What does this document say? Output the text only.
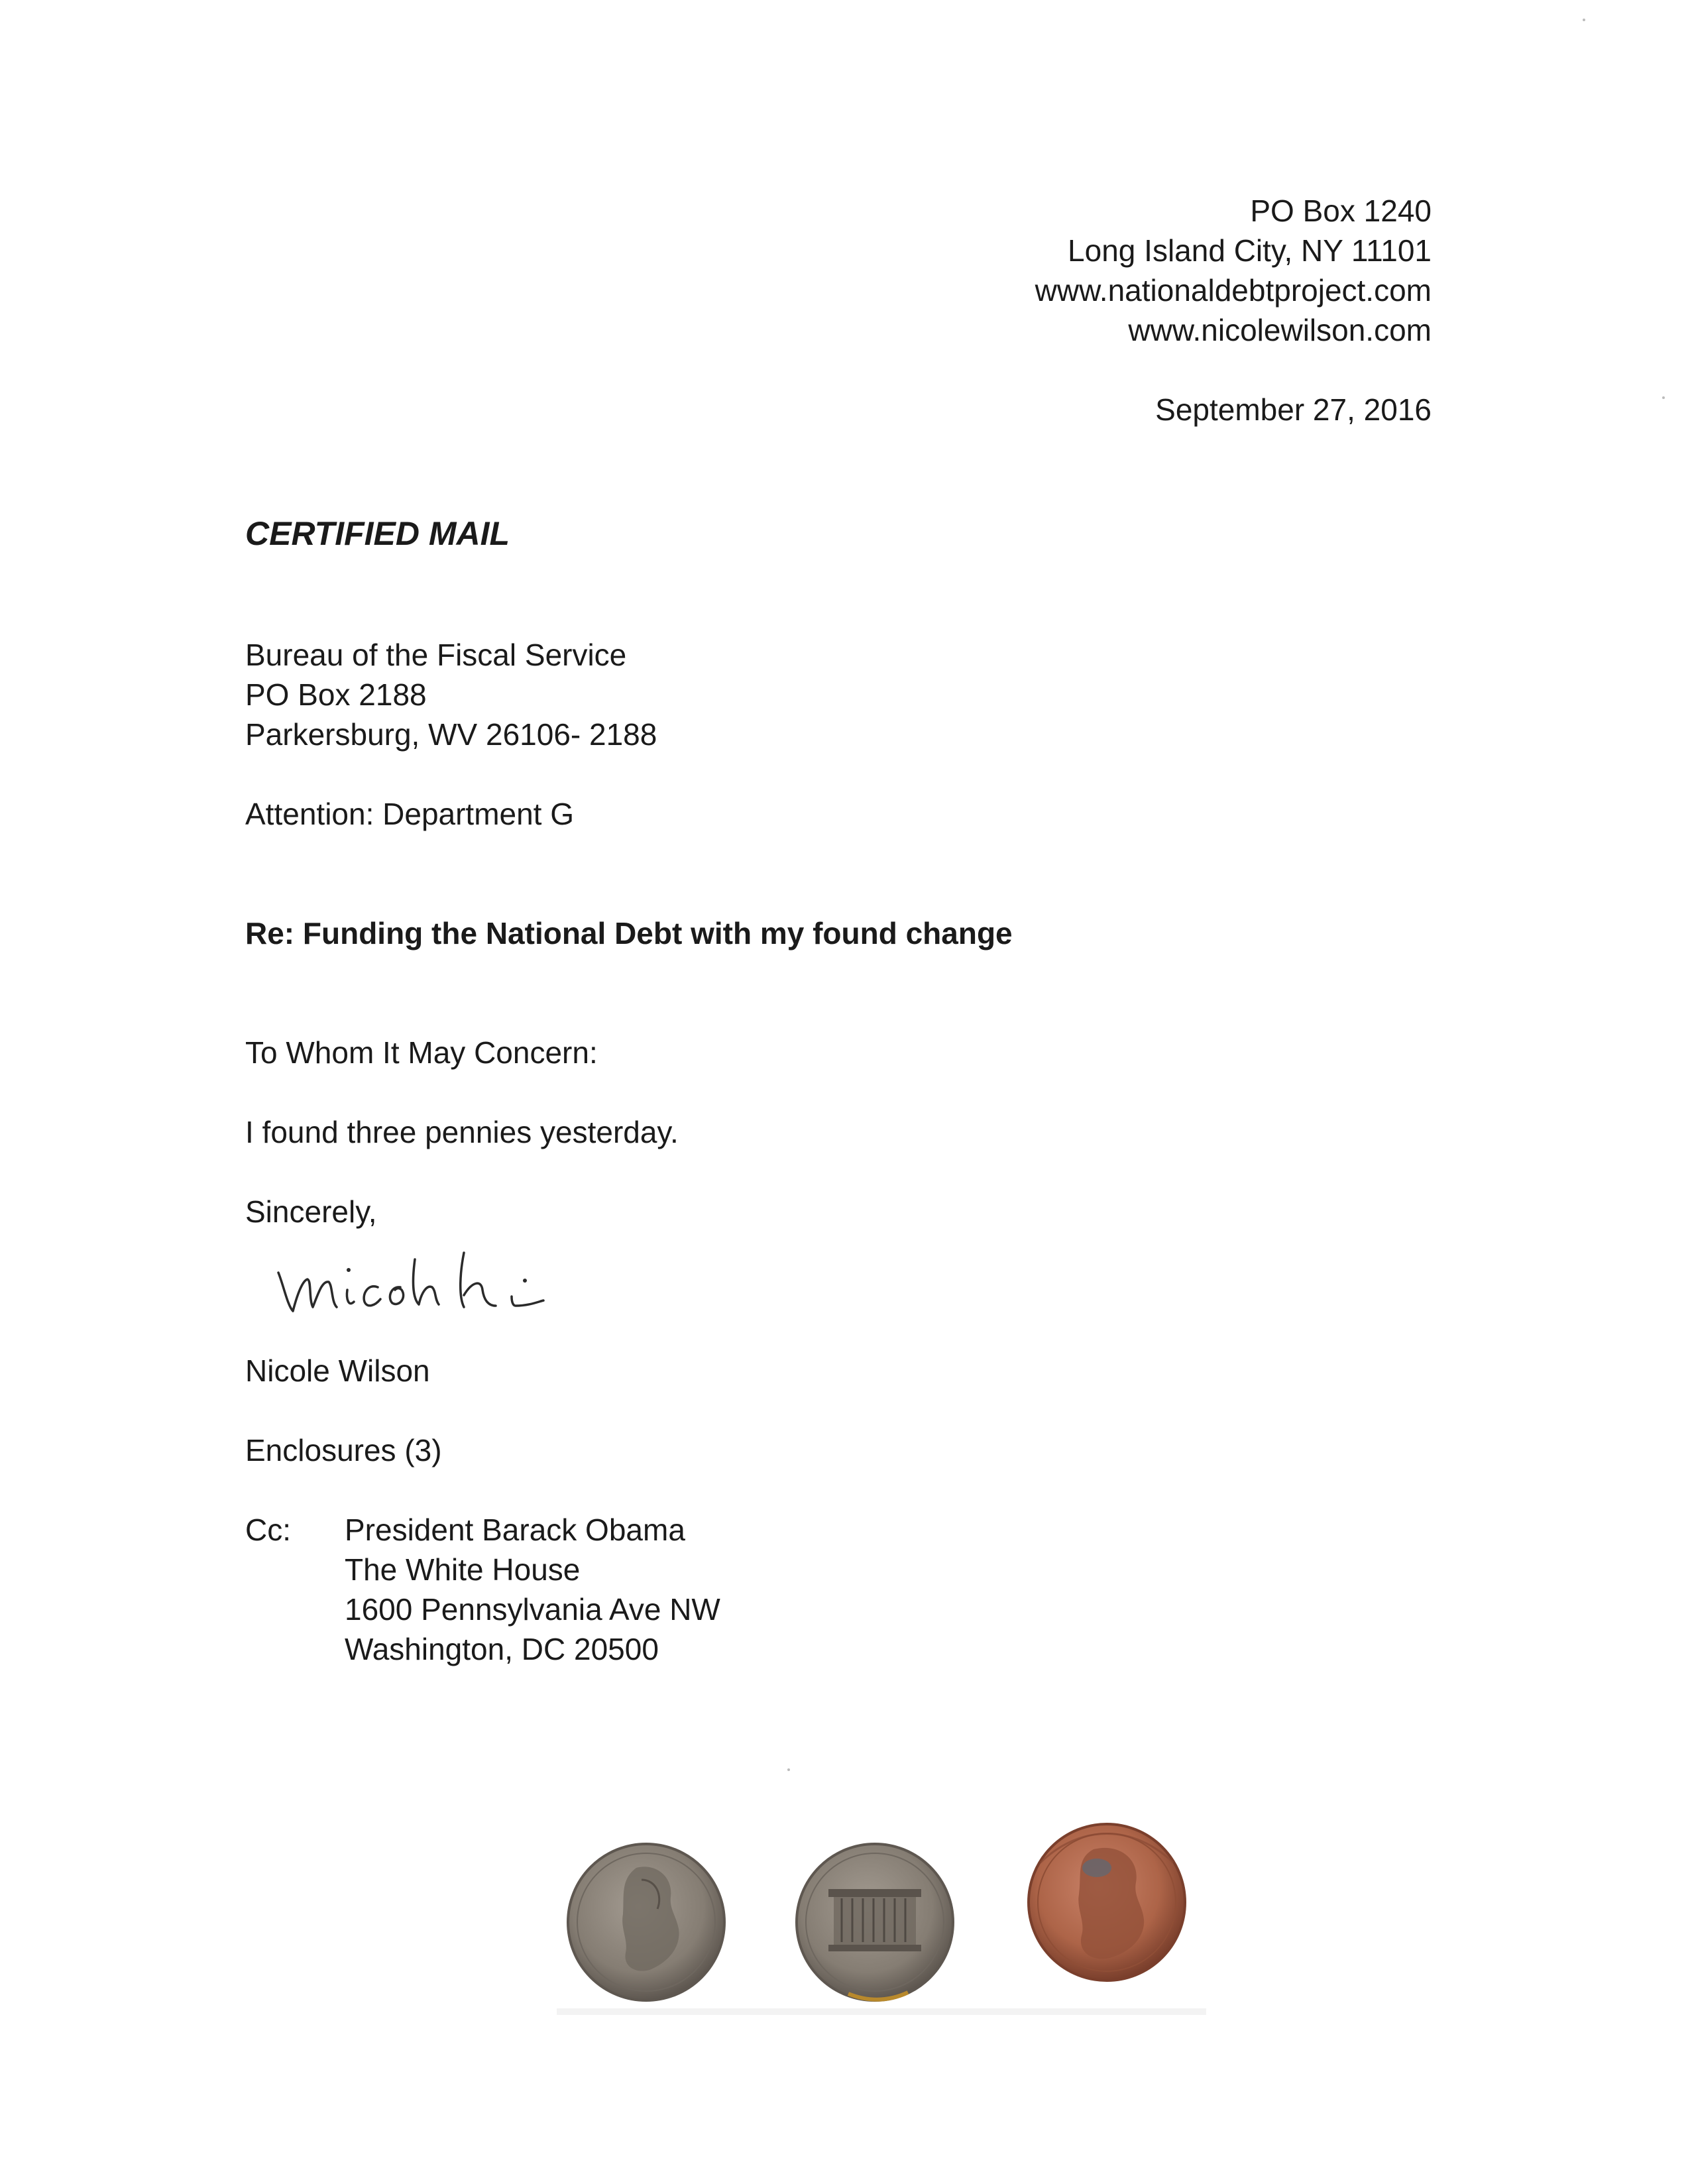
PO Box 1240
Long Island City, NY 11101
www.nationaldebtproject.com
www.nicolewilson.com
September 27, 2016
CERTIFIED MAIL
Bureau of the Fiscal Service
PO Box 2188
Parkersburg, WV 26106- 2188
Attention: Department G
Re: Funding the National Debt with my found change
To Whom It May Concern:
I found three pennies yesterday.
Sincerely,
Nicole Wilson
Enclosures (3)
Cc: President Barack Obama
The White House
1600 Pennsylvania Ave NW
Washington, DC 20500
